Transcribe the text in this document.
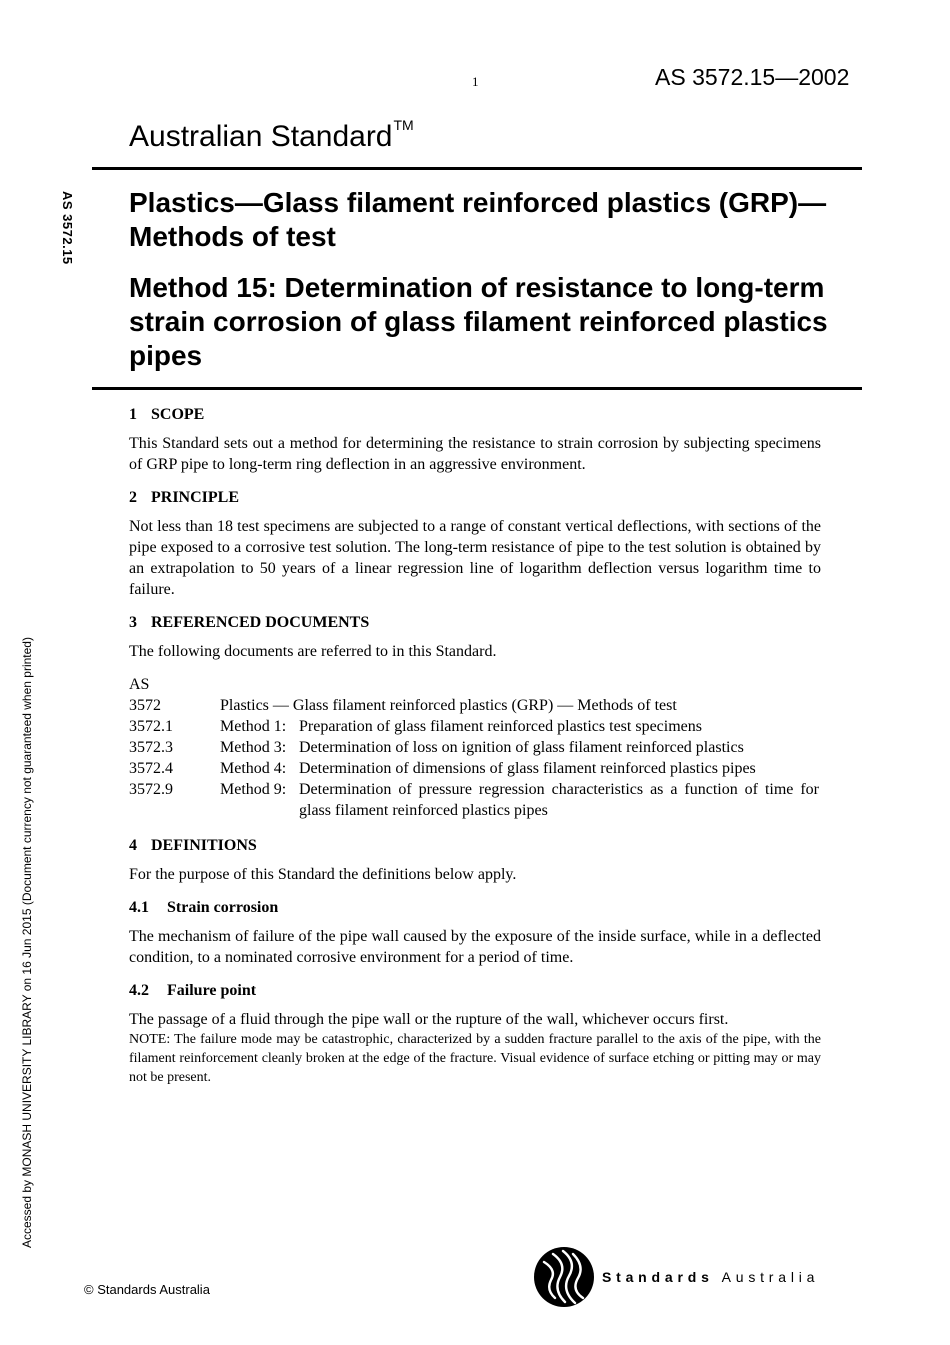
1	AS 3572.15—2002
Australian Standard™
AS 3572.15
Accessed by MONASH UNIVERSITY LIBRARY on 16 Jun 2015 (Document currency not guaranteed when printed)
Plastics—Glass filament reinforced plastics (GRP)—Methods of test
Method 15: Determination of resistance to long-term strain corrosion of glass filament reinforced plastics pipes
1 SCOPE

This Standard sets out a method for determining the resistance to strain corrosion by subjecting specimens of GRP pipe to long-term ring deflection in an aggressive environment.

2 PRINCIPLE

Not less than 18 test specimens are subjected to a range of constant vertical deflections, with sections of the pipe exposed to a corrosive test solution. The long-term resistance of pipe to the test solution is obtained by an extrapolation to 50 years of a linear regression line of logarithm deflection versus logarithm time to failure.

3 REFERENCED DOCUMENTS

The following documents are referred to in this Standard.

AS

3572	Plastics — Glass filament reinforced plastics (GRP) — Methods of test	
3572.1	Method 1:	Preparation of glass filament reinforced plastics test specimens
3572.3	Method 3:	Determination of loss on ignition of glass filament reinforced plastics
3572.4	Method 4:	Determination of dimensions of glass filament reinforced plastics pipes
3572.9	Method 9:	Determination of pressure regression characteristics as a function of time for glass filament reinforced plastics pipes
4 DEFINITIONS

For the purpose of this Standard the definitions below apply.

4.1 Strain corrosion

The mechanism of failure of the pipe wall caused by the exposure of the inside surface, while in a deflected condition, to a nominated corrosive environment for a period of time.

4.2 Failure point

The passage of a fluid through the pipe wall or the rupture of the wall, whichever occurs first.

NOTE: The failure mode may be catastrophic, characterized by a sudden fracture parallel to the axis of the pipe, with the filament reinforcement cleanly broken at the edge of the fracture. Visual evidence of surface etching or pitting may or may not be present.

© Standards Australia
Standards Australia
